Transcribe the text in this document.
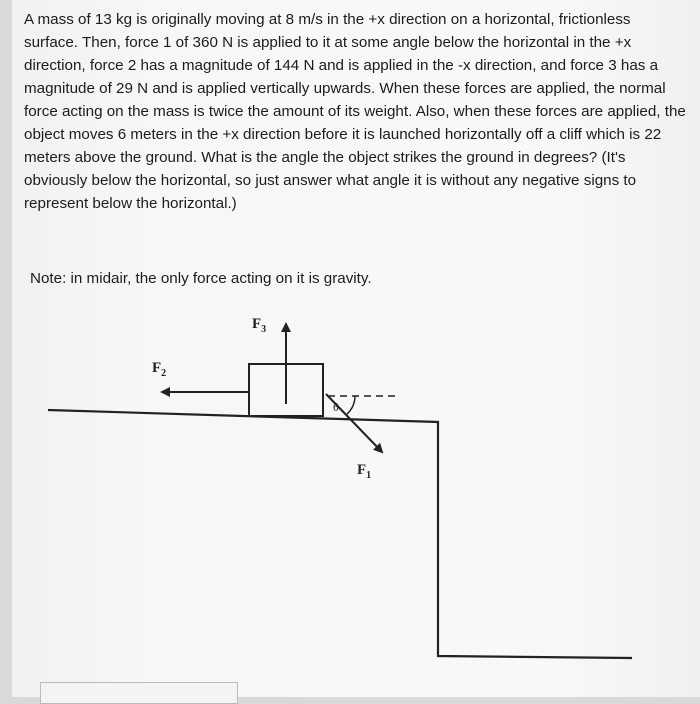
A mass of 13 kg is originally moving at 8 m/s in the +x direction on a horizontal, frictionless
surface. Then, force 1 of 360 N is applied to it at some angle below the horizontal in the +x
direction, force 2 has a magnitude of 144 N and is applied in the -x direction, and force 3 has a
magnitude of 29 N and is applied vertically upwards. When these forces are applied, the normal
force acting on the mass is twice the amount of its weight. Also, when these forces are applied, the
object moves 6 meters in the +x direction before it is launched horizontally off a cliff which is 22
meters above the ground. What is the angle the object strikes the ground in degrees? (It's
obviously below the horizontal, so just answer what angle it is without any negative signs to
represent below the horizontal.)

Note: in midair, the only force acting on it is gravity.

$F_3$
$F_2$
$F_1$
θ
